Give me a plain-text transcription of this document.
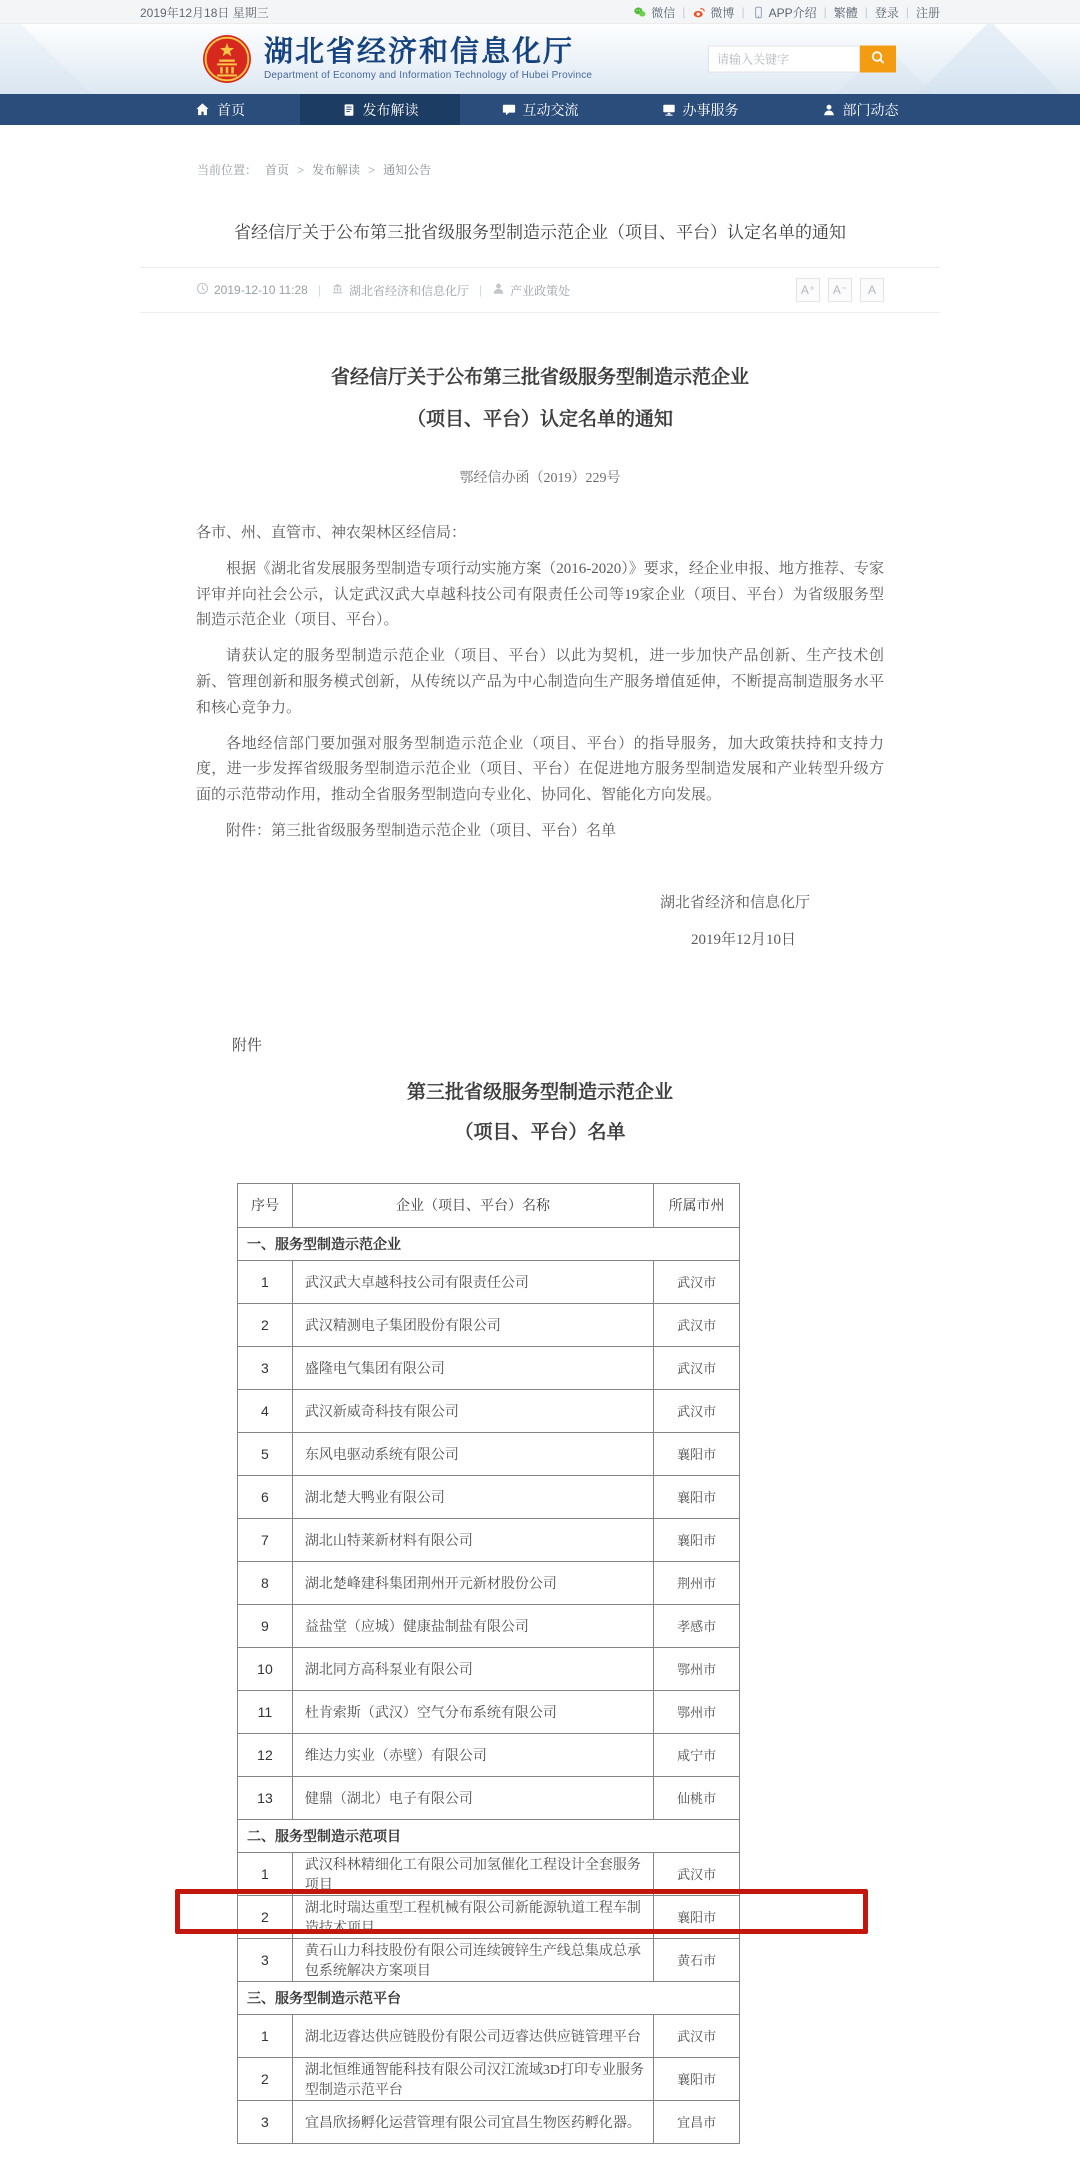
2019年12月18日 星期三	微信 | 微博 | APP介绍 | 繁體 | 登录 | 注册
湖北省经济和信息化厅
Department of Economy and Information Technology of Hubei Province
请输入关键字
首页	发布解读	互动交流	办事服务	部门动态
当前位置： 首页 > 发布解读 > 通知公告
省经信厅关于公布第三批省级服务型制造示范企业（项目、平台）认定名单的通知
2019-12-10 11:28 | 湖北省经济和信息化厅 | 产业政策处	A⁺	A⁻	A
省经信厅关于公布第三批省级服务型制造示范企业
（项目、平台）认定名单的通知
鄂经信办函（2019）229号

各市、州、直管市、神农架林区经信局：

根据《湖北省发展服务型制造专项行动实施方案（2016-2020）》要求，经企业申报、地方推荐、专家评审并向社会公示，认定武汉武大卓越科技公司有限责任公司等19家企业（项目、平台）为省级服务型制造示范企业（项目、平台）。

请获认定的服务型制造示范企业（项目、平台）以此为契机，进一步加快产品创新、生产技术创新、管理创新和服务模式创新，从传统以产品为中心制造向生产服务增值延伸，不断提高制造服务水平和核心竞争力。

各地经信部门要加强对服务型制造示范企业（项目、平台）的指导服务，加大政策扶持和支持力度，进一步发挥省级服务型制造示范企业（项目、平台）在促进地方服务型制造发展和产业转型升级方面的示范带动作用，推动全省服务型制造向专业化、协同化、智能化方向发展。

附件：第三批省级服务型制造示范企业（项目、平台）名单

湖北省经济和信息化厅
2019年12月10日
附件
第三批省级服务型制造示范企业
（项目、平台）名单
序号	企业（项目、平台）名称	所属市州
一、服务型制造示范企业		
1	武汉武大卓越科技公司有限责任公司	武汉市
2	武汉精测电子集团股份有限公司	武汉市
3	盛隆电气集团有限公司	武汉市
4	武汉新威奇科技有限公司	武汉市
5	东风电驱动系统有限公司	襄阳市
6	湖北楚大鸭业有限公司	襄阳市
7	湖北山特莱新材料有限公司	襄阳市
8	湖北楚峰建科集团荆州开元新材股份公司	荆州市
9	益盐堂（应城）健康盐制盐有限公司	孝感市
10	湖北同方高科泵业有限公司	鄂州市
11	杜肯索斯（武汉）空气分布系统有限公司	鄂州市
12	维达力实业（赤壁）有限公司	咸宁市
13	健鼎（湖北）电子有限公司	仙桃市
二、服务型制造示范项目		
1	武汉科林精细化工有限公司加氢催化工程设计全套服务项目	武汉市
2	湖北时瑞达重型工程机械有限公司新能源轨道工程车制造技术项目	襄阳市
3	黄石山力科技股份有限公司连续镀锌生产线总集成总承包系统解决方案项目	黄石市
三、服务型制造示范平台		
1	湖北迈睿达供应链股份有限公司迈睿达供应链管理平台	武汉市
2	湖北恒维通智能科技有限公司汉江流域3D打印专业服务型制造示范平台	襄阳市
3	宜昌欣扬孵化运营管理有限公司宜昌生物医药孵化器。	宜昌市
